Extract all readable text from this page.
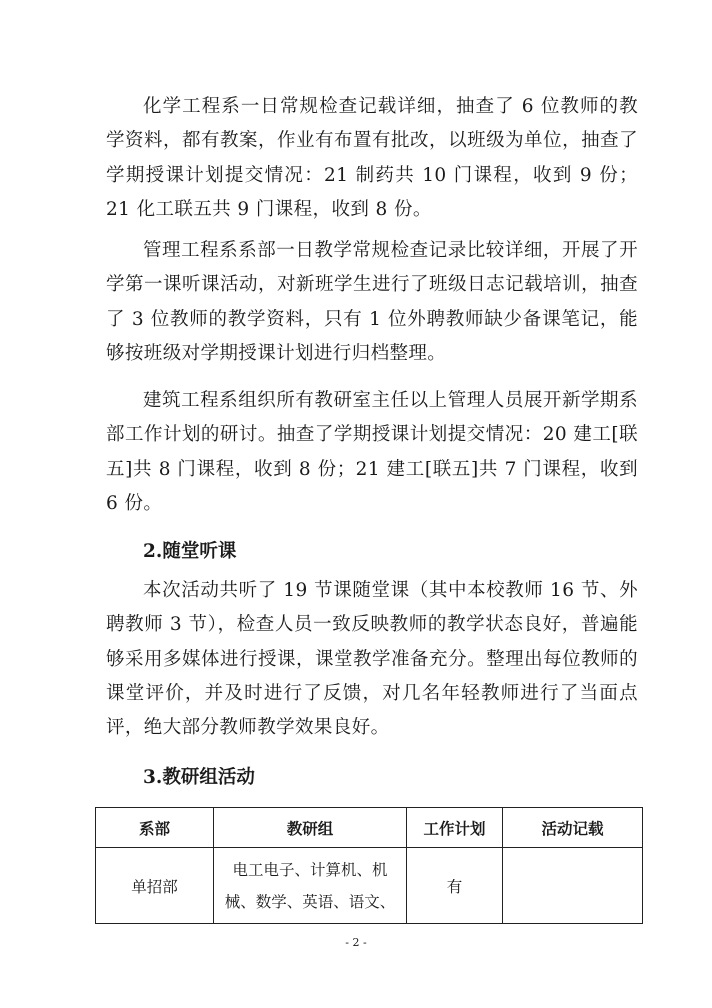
化学工程系一日常规检查记载详细，抽查了 6 位教师的教学资料，都有教案，作业有布置有批改，以班级为单位，抽查了学期授课计划提交情况：21 制药共 10 门课程，收到 9 份；21 化工联五共 9 门课程，收到 8 份。

管理工程系系部一日教学常规检查记录比较详细，开展了开学第一课听课活动，对新班学生进行了班级日志记载培训，抽查了 3 位教师的教学资料，只有 1 位外聘教师缺少备课笔记，能够按班级对学期授课计划进行归档整理。

建筑工程系组织所有教研室主任以上管理人员展开新学期系部工作计划的研讨。抽查了学期授课计划提交情况：20 建工[联五]共 8 门课程，收到 8 份；21 建工[联五]共 7 门课程，收到 6 份。

2.随堂听课

本次活动共听了 19 节课随堂课（其中本校教师 16 节、外聘教师 3 节），检查人员一致反映教师的教学状态良好，普遍能够采用多媒体进行授课，课堂教学准备充分。整理出每位教师的课堂评价，并及时进行了反馈，对几名年轻教师进行了当面点评，绝大部分教师教学效果良好。

3.教研组活动
系部	教研组	工作计划	活动记载
单招部	电工电子、计算机、机械、数学、英语、语文、	有	
- 2 -
